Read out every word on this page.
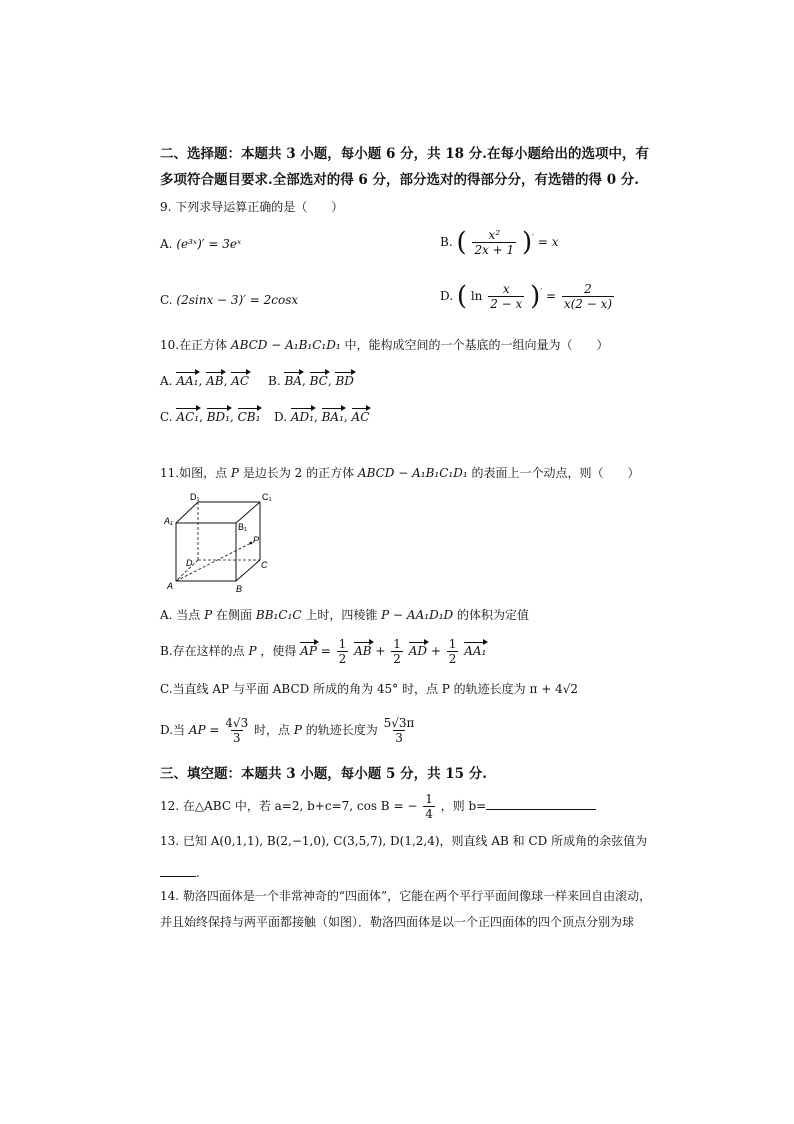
二、选择题：本题共 3 小题，每小题 6 分，共 18 分.在每小题给出的选项中，有
多项符合题目要求.全部选对的得 6 分，部分选对的得部分分，有选错的得 0 分.
9. 下列求导运算正确的是（　　）
A. (e³ˣ)′ = 3eˣ	B. ( $\frac{\text{x²}}{2x + 1} )' = x$
C. (2sinx − 3)′ = 2cosx	D. ( $\ln \frac{x}{2 - x} )' = \frac{2}{x(2 - x)}$
10.在正方体 ABCD − A₁B₁C₁D₁ 中，能构成空间的一个基底的一组向量为（　　）
A. AA₁, AB, AC B. BA, BC, BD
C. AC₁, BD₁, CB₁ D. AD₁, BA₁, AC
11.如图，点 P 是边长为 2 的正方体 ABCD − A₁B₁C₁D₁ 的表面上一个动点，则（　　）
D₁	C₁
A₁
B₁
P
D	C
A	B
A. 当点 P 在侧面 BB₁C₁C 上时，四棱锥 P − AA₁D₁D 的体积为定值
B.存在这样的点 P ，使得 AP = $\frac{1}{2}$ AB + $\frac{1}{2}$ AD + $\frac{1}{2} AA_1$
C.当直线 AP 与平面 ABCD 所成的角为 45° 时，点 P 的轨迹长度为 π + 4√2
D.当 AP = $\frac{4√3}{3}$ 时，点 P 的轨迹长度为 $\frac{5√3\pi}{3}$
三、填空题：本题共 3 小题，每小题 5 分，共 15 分.
12. 在△ABC 中，若 a=2, b+c=7, cos B = − $\frac{1}{4}$ ，则 b=
13. 已知 A(0,1,1), B(2,−1,0), C(3,5,7), D(1,2,4)，则直线 AB 和 CD 所成角的余弦值为
.
14. 勒洛四面体是一个非常神奇的“四面体”，它能在两个平行平面间像球一样来回自由滚动，
并且始终保持与两平面都接触（如图）．勒洛四面体是以一个正四面体的四个顶点分别为球
